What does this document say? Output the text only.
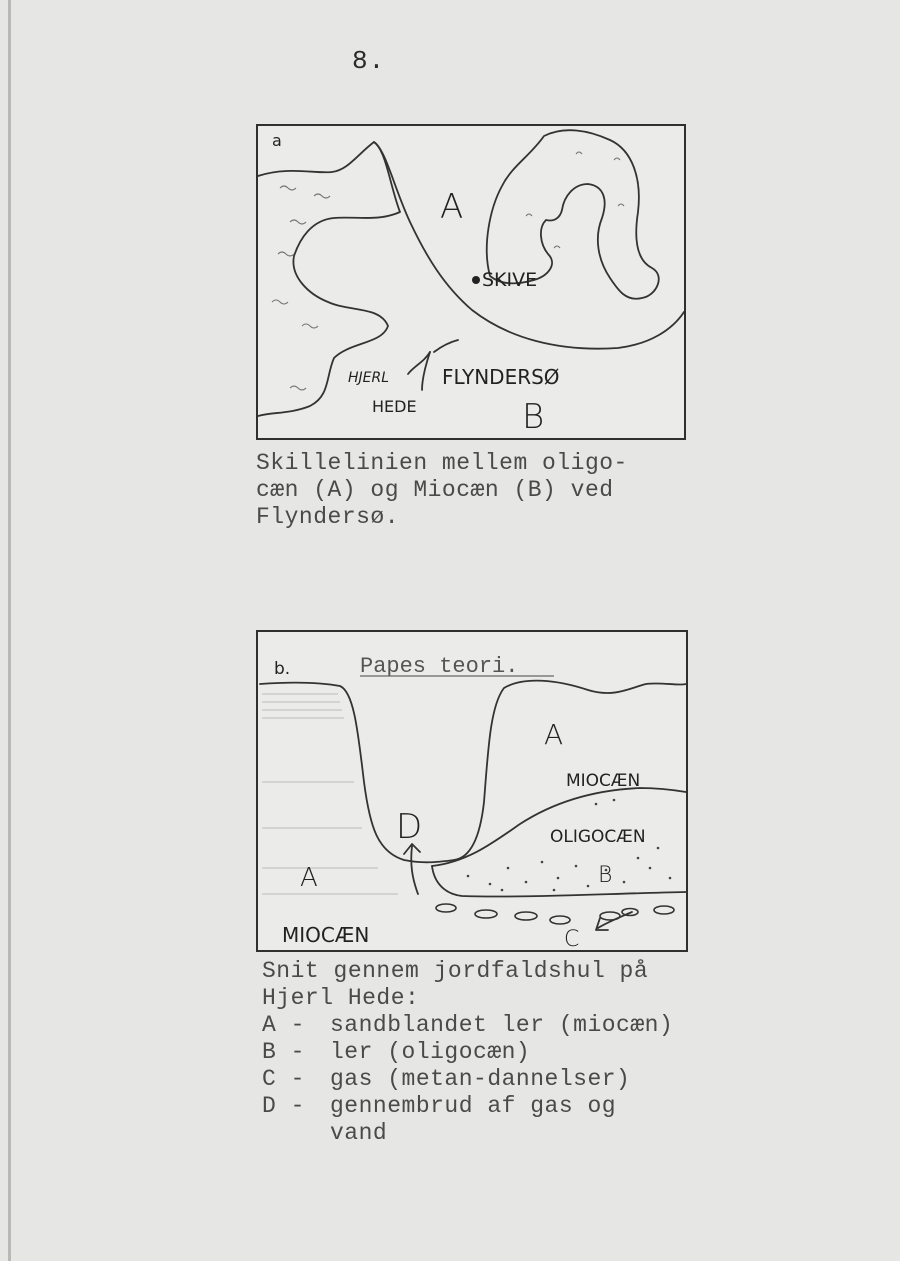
8.
a
A
SKIVE
HJERL
HEDE
FLYNDERSØ
B
Skillelinien mellem oligo-
cæn (A) og Miocæn (B) ved
Flyndersø.
b.	Papes teori.
A
MIOCÆN
OLIGOCÆN
B
D
A
MIOCÆN	C
Snit gennem jordfaldshul på
Hjerl Hede:
A -	sandblandet ler (miocæn)
B -	ler (oligocæn)
C -	gas (metan-dannelser)
D -	gennembrud af gas og vand
